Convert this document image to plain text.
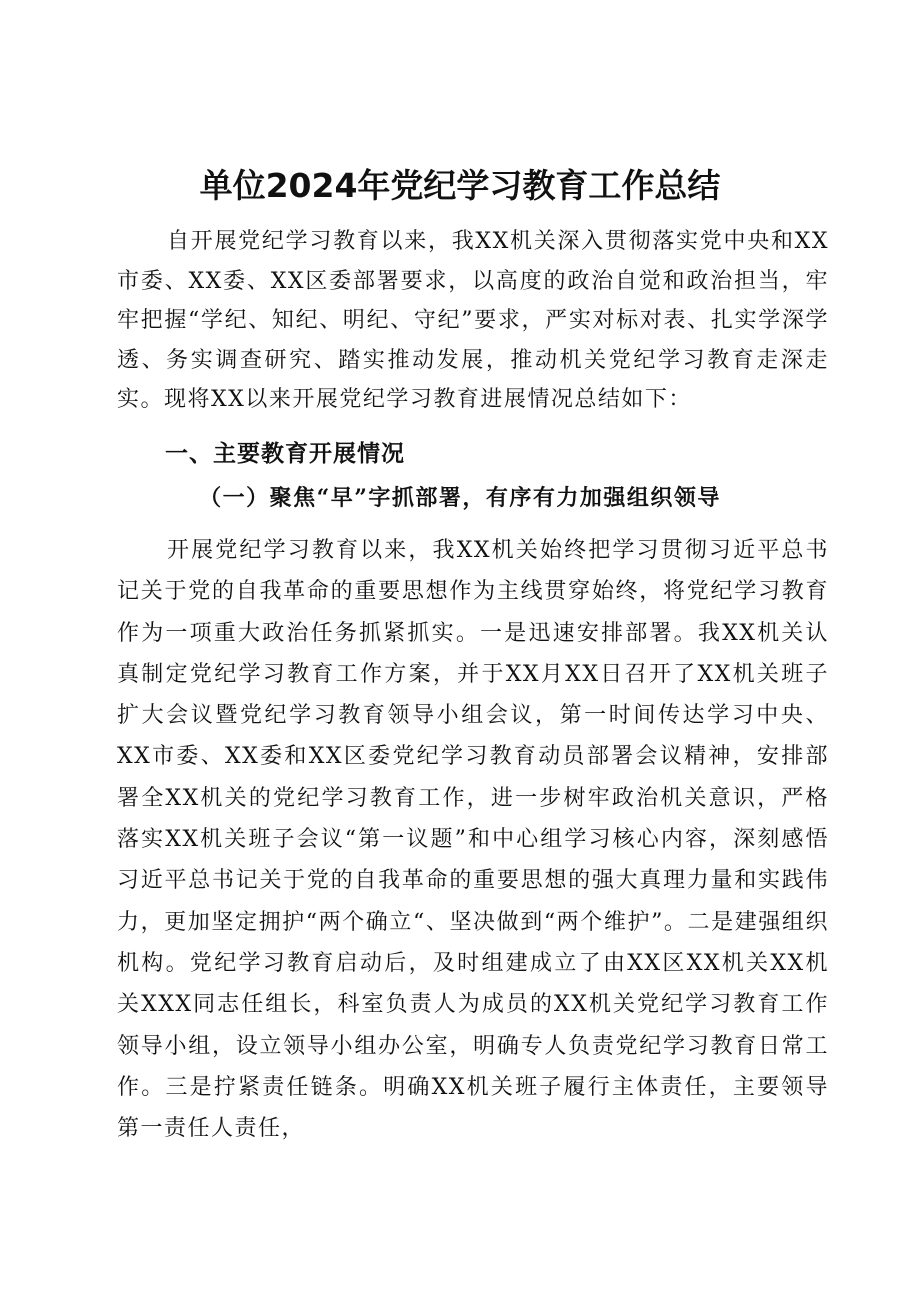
单位2024年党纪学习教育工作总结

自开展党纪学习教育以来，我XX机关深入贯彻落实党中央和XX市委、XX委、XX区委部署要求，以高度的政治自觉和政治担当，牢牢把握“学纪、知纪、明纪、守纪”要求，严实对标对表、扎实学深学透、务实调查研究、踏实推动发展，推动机关党纪学习教育走深走实。现将XX以来开展党纪学习教育进展情况总结如下：

一、主要教育开展情况
（一）聚焦“早”字抓部署，有序有力加强组织领导

开展党纪学习教育以来，我XX机关始终把学习贯彻习近平总书记关于党的自我革命的重要思想作为主线贯穿始终，将党纪学习教育作为一项重大政治任务抓紧抓实。一是迅速安排部署。我XX机关认真制定党纪学习教育工作方案，并于XX月XX日召开了XX机关班子扩大会议暨党纪学习教育领导小组会议，第一时间传达学习中央、XX市委、XX委和XX区委党纪学习教育动员部署会议精神，安排部署全XX机关的党纪学习教育工作，进一步树牢政治机关意识，严格落实XX机关班子会议“第一议题”和中心组学习核心内容，深刻感悟习近平总书记关于党的自我革命的重要思想的强大真理力量和实践伟力，更加坚定拥护“两个确立“、坚决做到“两个维护”。二是建强组织机构。党纪学习教育启动后，及时组建成立了由XX区XX机关XX机关XXX同志任组长，科室负责人为成员的XX机关党纪学习教育工作领导小组，设立领导小组办公室，明确专人负责党纪学习教育日常工作。三是拧紧责任链条。明确XX机关班子履行主体责任，主要领导第一责任人责任，
